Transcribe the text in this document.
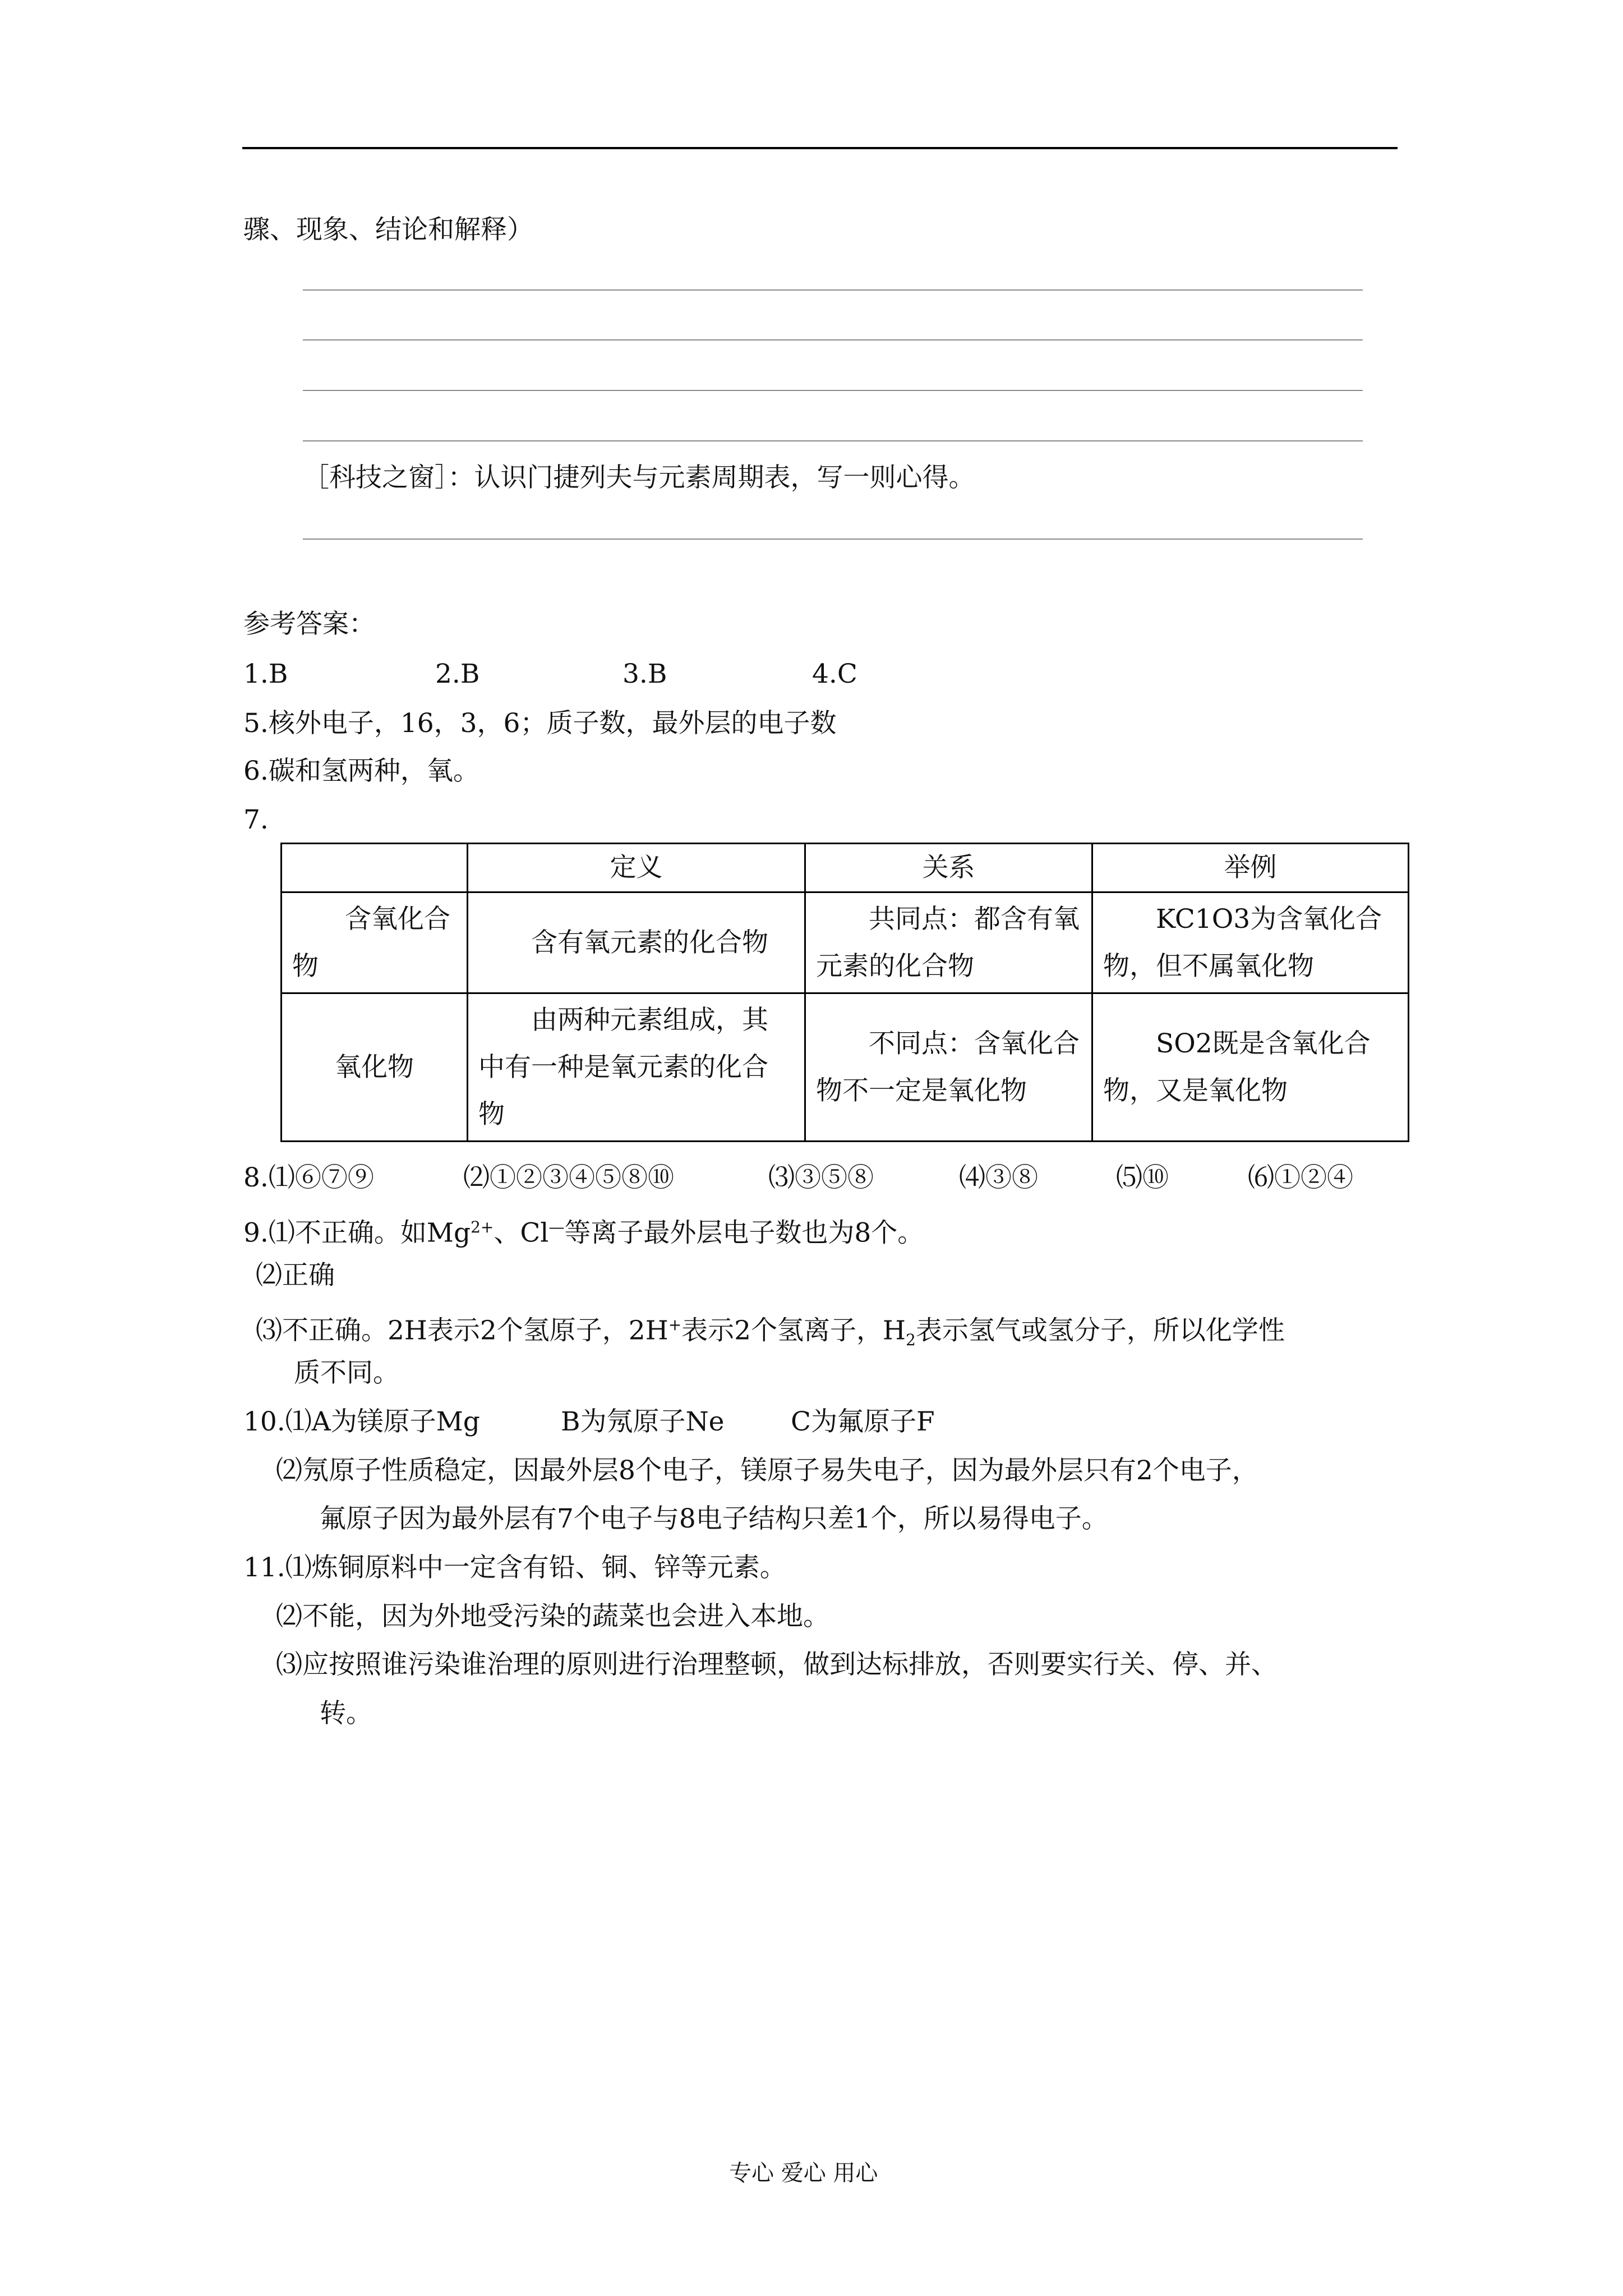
骤、现象、结论和解释）
［科技之窗］：认识门捷列夫与元素周期表，写一则心得。
参考答案：
1.B	2.B	3.B	4.C
5.核外电子，16，3，6；质子数，最外层的电子数
6.碳和氢两种，氧。
7.
	定义	关系	举例
含氧化合物	含有氧元素的化合物	共同点：都含有氧元素的化合物	KC1O3为含氧化合物，但不属氧化物
氧化物	由两种元素组成，其中有一种是氧元素的化合物	不同点：含氧化合物不一定是氧化物	SO2既是含氧化合物，又是氧化物
8.⑴⑥⑦⑨	⑵①②③④⑤⑧⑩	⑶③⑤⑧	⑷③⑧	⑸⑩	⑹①②④
9.⑴不正确。如$Mg^{2+}$、Cl—等离子最外层电子数也为8个。
⑵正确
⑶不正确。2H表示2个氢原子，2H+表示2个氢离子，$H_2$表示氢气或氢分子，所以化学性
质不同。
10.⑴A为镁原子Mg	B为氖原子Ne	C为氟原子F
⑵氖原子性质稳定，因最外层8个电子，镁原子易失电子，因为最外层只有2个电子，
氟原子因为最外层有7个电子与8电子结构只差1个，所以易得电子。
11.⑴炼铜原料中一定含有铅、铜、锌等元素。
⑵不能，因为外地受污染的蔬菜也会进入本地。
⑶应按照谁污染谁治理的原则进行治理整顿，做到达标排放，否则要实行关、停、并、
转。
专心 爱心 用心
